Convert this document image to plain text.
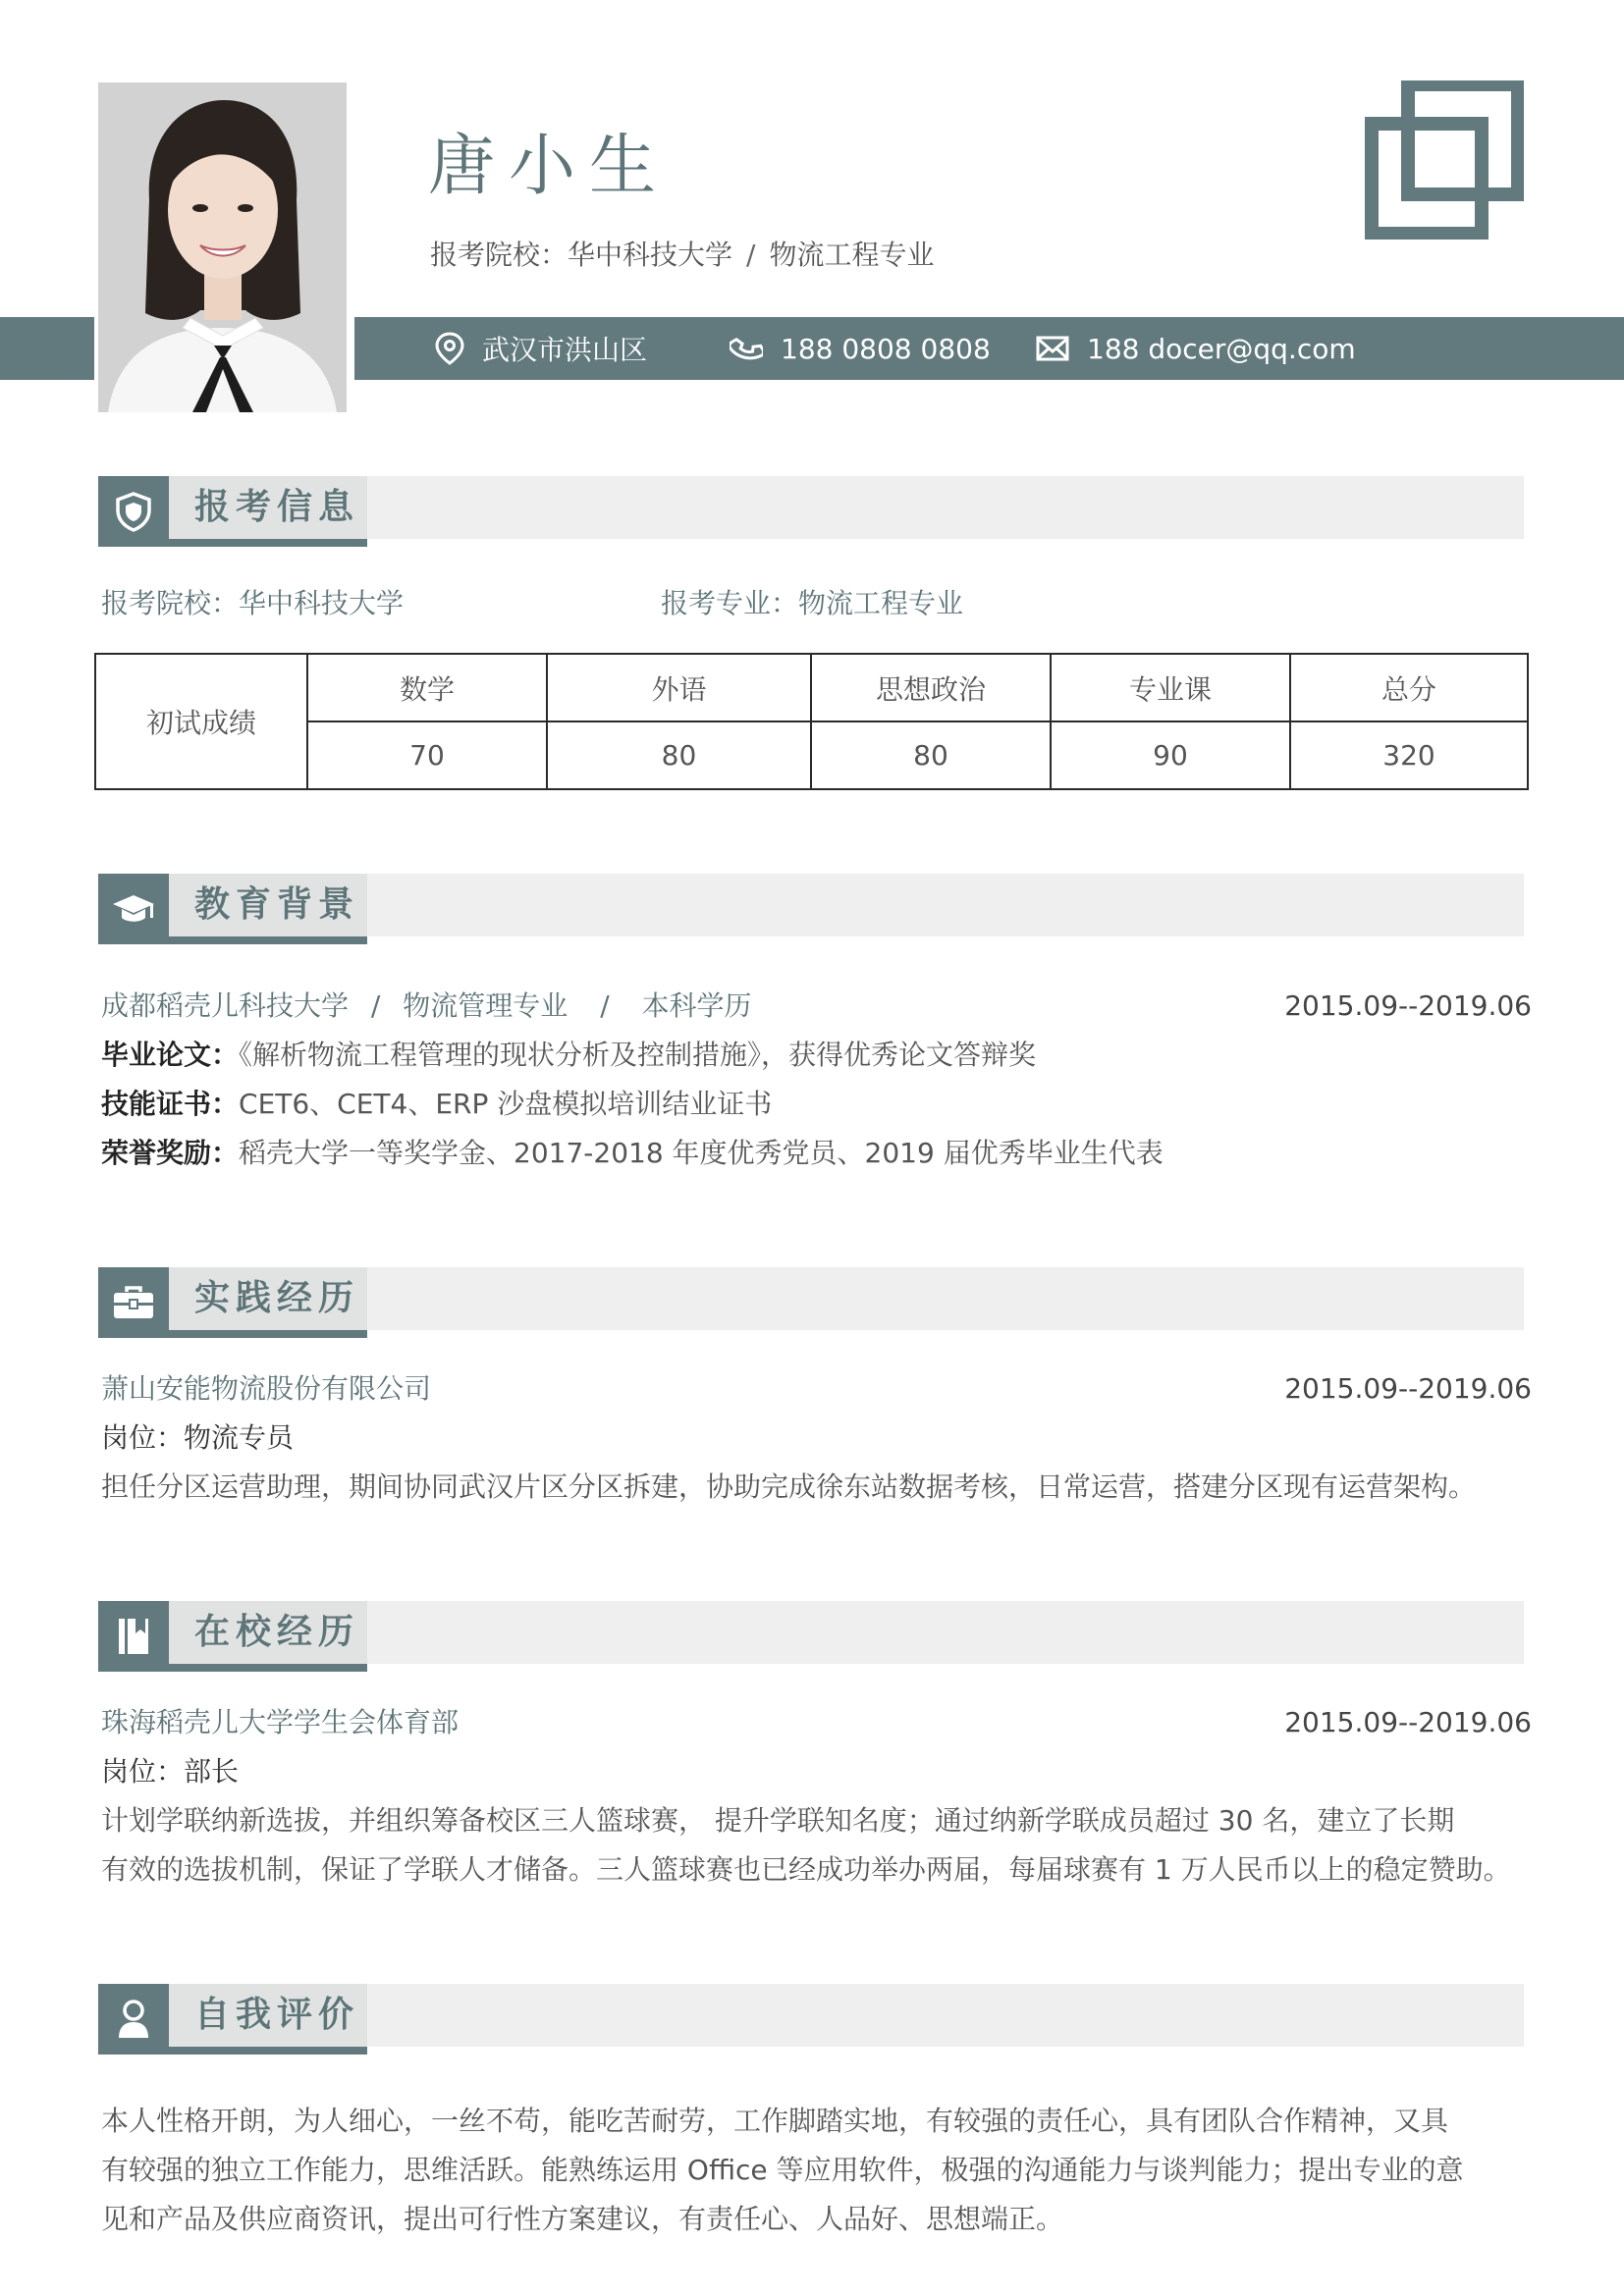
唐小生
报考院校：华中科技大学 / 物流工程专业
武汉市洪山区	188 0808 0808	188 docer@qq.com
报考信息
报考院校：华中科技大学	报考专业：物流工程专业
初试成绩	数学	外语	思想政治	专业课	总分
	70	80	80	90	320
教育背景
成都稻壳儿科技大学 / 物流管理专业 / 本科学历	2015.09--2019.06
毕业论文：《解析物流工程管理的现状分析及控制措施》，获得优秀论文答辩奖
技能证书：CET6、CET4、ERP 沙盘模拟培训结业证书
荣誉奖励：稻壳大学一等奖学金、2017-2018 年度优秀党员、2019 届优秀毕业生代表
实践经历
萧山安能物流股份有限公司	2015.09--2019.06
岗位：物流专员
担任分区运营助理，期间协同武汉片区分区拆建，协助完成徐东站数据考核，日常运营，搭建分区现有运营架构。
在校经历
珠海稻壳儿大学学生会体育部	2015.09--2019.06
岗位：部长
计划学联纳新选拔，并组织筹备校区三人篮球赛， 提升学联知名度；通过纳新学联成员超过 30 名，建立了长期
有效的选拔机制，保证了学联人才储备。三人篮球赛也已经成功举办两届，每届球赛有 1 万人民币以上的稳定赞助。
自我评价
本人性格开朗，为人细心，一丝不苟，能吃苦耐劳，工作脚踏实地，有较强的责任心，具有团队合作精神，又具
有较强的独立工作能力，思维活跃。能熟练运用 Office 等应用软件，极强的沟通能力与谈判能力；提出专业的意
见和产品及供应商资讯，提出可行性方案建议，有责任心、人品好、思想端正。
